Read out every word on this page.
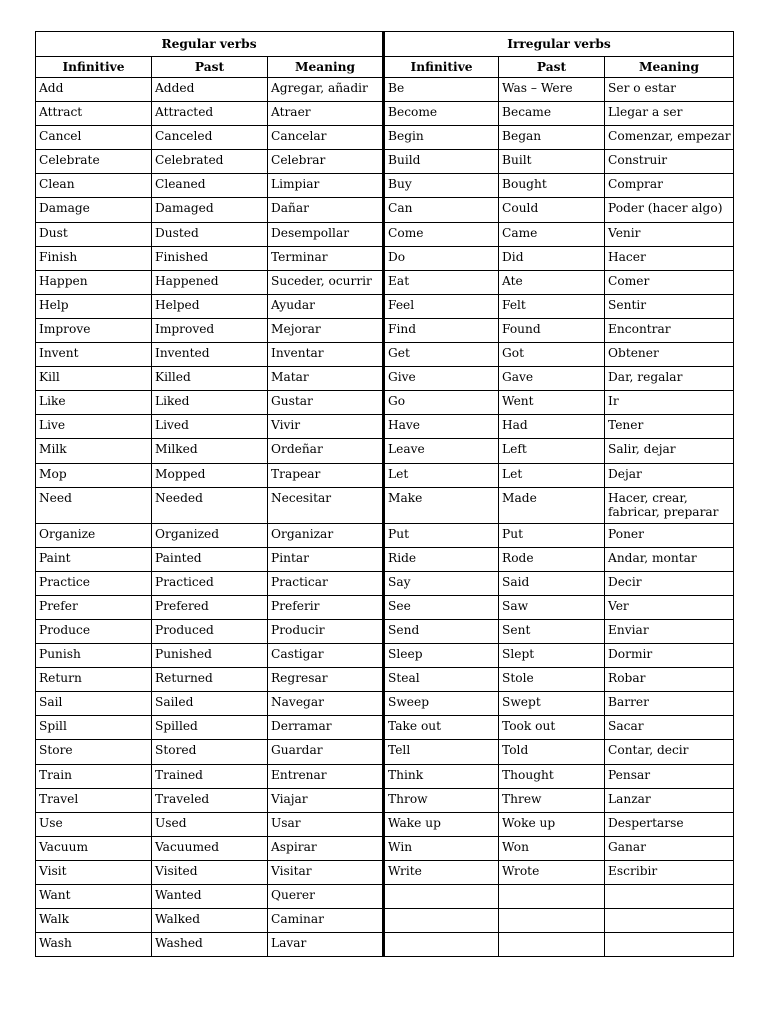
Regular verbs			Irregular verbs		
Infinitive	Past	Meaning	Infinitive	Past	Meaning
Add	Added	Agregar, añadir	Be	Was – Were	Ser o estar
Attract	Attracted	Atraer	Become	Became	Llegar a ser
Cancel	Canceled	Cancelar	Begin	Began	Comenzar, empezar
Celebrate	Celebrated	Celebrar	Build	Built	Construir
Clean	Cleaned	Limpiar	Buy	Bought	Comprar
Damage	Damaged	Dañar	Can	Could	Poder (hacer algo)
Dust	Dusted	Desempollar	Come	Came	Venir
Finish	Finished	Terminar	Do	Did	Hacer
Happen	Happened	Suceder, ocurrir	Eat	Ate	Comer
Help	Helped	Ayudar	Feel	Felt	Sentir
Improve	Improved	Mejorar	Find	Found	Encontrar
Invent	Invented	Inventar	Get	Got	Obtener
Kill	Killed	Matar	Give	Gave	Dar, regalar
Like	Liked	Gustar	Go	Went	Ir
Live	Lived	Vivir	Have	Had	Tener
Milk	Milked	Ordeñar	Leave	Left	Salir, dejar
Mop	Mopped	Trapear	Let	Let	Dejar
Need	Needed	Necesitar	Make	Made	Hacer, crear, fabricar, preparar
Organize	Organized	Organizar	Put	Put	Poner
Paint	Painted	Pintar	Ride	Rode	Andar, montar
Practice	Practiced	Practicar	Say	Said	Decir
Prefer	Prefered	Preferir	See	Saw	Ver
Produce	Produced	Producir	Send	Sent	Enviar
Punish	Punished	Castigar	Sleep	Slept	Dormir
Return	Returned	Regresar	Steal	Stole	Robar
Sail	Sailed	Navegar	Sweep	Swept	Barrer
Spill	Spilled	Derramar	Take out	Took out	Sacar
Store	Stored	Guardar	Tell	Told	Contar, decir
Train	Trained	Entrenar	Think	Thought	Pensar
Travel	Traveled	Viajar	Throw	Threw	Lanzar
Use	Used	Usar	Wake up	Woke up	Despertarse
Vacuum	Vacuumed	Aspirar	Win	Won	Ganar
Visit	Visited	Visitar	Write	Wrote	Escribir
Want	Wanted	Querer			
Walk	Walked	Caminar			
Wash	Washed	Lavar			
